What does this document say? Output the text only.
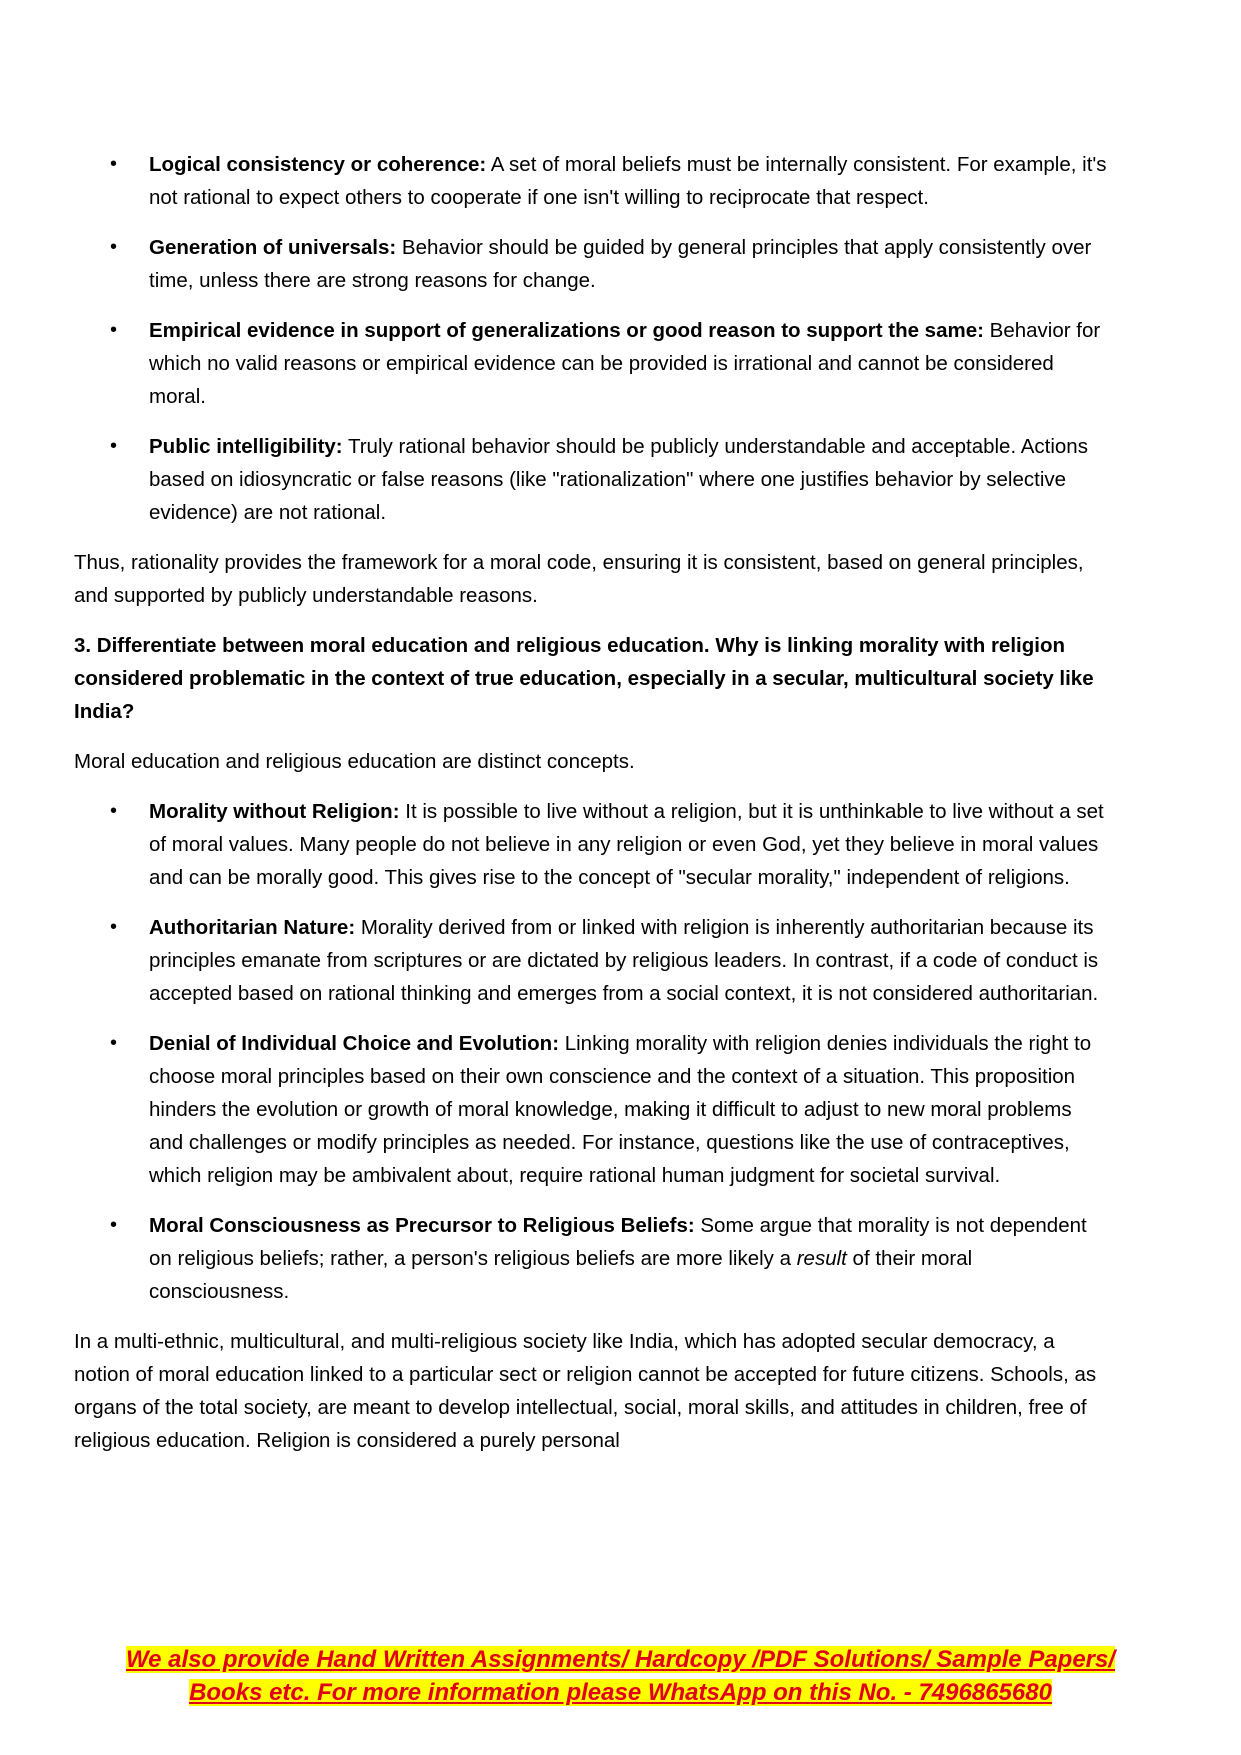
• Logical consistency or coherence: A set of moral beliefs must be internally consistent. For example, it's not rational to expect others to cooperate if one isn't willing to reciprocate that respect.
• Generation of universals: Behavior should be guided by general principles that apply consistently over time, unless there are strong reasons for change.
• Empirical evidence in support of generalizations or good reason to support the same: Behavior for which no valid reasons or empirical evidence can be provided is irrational and cannot be considered moral.
• Public intelligibility: Truly rational behavior should be publicly understandable and acceptable. Actions based on idiosyncratic or false reasons (like "rationalization" where one justifies behavior by selective evidence) are not rational.

Thus, rationality provides the framework for a moral code, ensuring it is consistent, based on general principles, and supported by publicly understandable reasons.

3. Differentiate between moral education and religious education. Why is linking morality with religion considered problematic in the context of true education, especially in a secular, multicultural society like India?

Moral education and religious education are distinct concepts.

• Morality without Religion: It is possible to live without a religion, but it is unthinkable to live without a set of moral values. Many people do not believe in any religion or even God, yet they believe in moral values and can be morally good. This gives rise to the concept of "secular morality," independent of religions.
• Authoritarian Nature: Morality derived from or linked with religion is inherently authoritarian because its principles emanate from scriptures or are dictated by religious leaders. In contrast, if a code of conduct is accepted based on rational thinking and emerges from a social context, it is not considered authoritarian.
• Denial of Individual Choice and Evolution: Linking morality with religion denies individuals the right to choose moral principles based on their own conscience and the context of a situation. This proposition hinders the evolution or growth of moral knowledge, making it difficult to adjust to new moral problems and challenges or modify principles as needed. For instance, questions like the use of contraceptives, which religion may be ambivalent about, require rational human judgment for societal survival.
• Moral Consciousness as Precursor to Religious Beliefs: Some argue that morality is not dependent on religious beliefs; rather, a person's religious beliefs are more likely a result of their moral consciousness.

In a multi-ethnic, multicultural, and multi-religious society like India, which has adopted secular democracy, a notion of moral education linked to a particular sect or religion cannot be accepted for future citizens. Schools, as organs of the total society, are meant to develop intellectual, social, moral skills, and attitudes in children, free of religious education. Religion is considered a purely personal

We also provide Hand Written Assignments/ Hardcopy /PDF Solutions/ Sample Papers/
Books etc. For more information please WhatsApp on this No. - 7496865680
